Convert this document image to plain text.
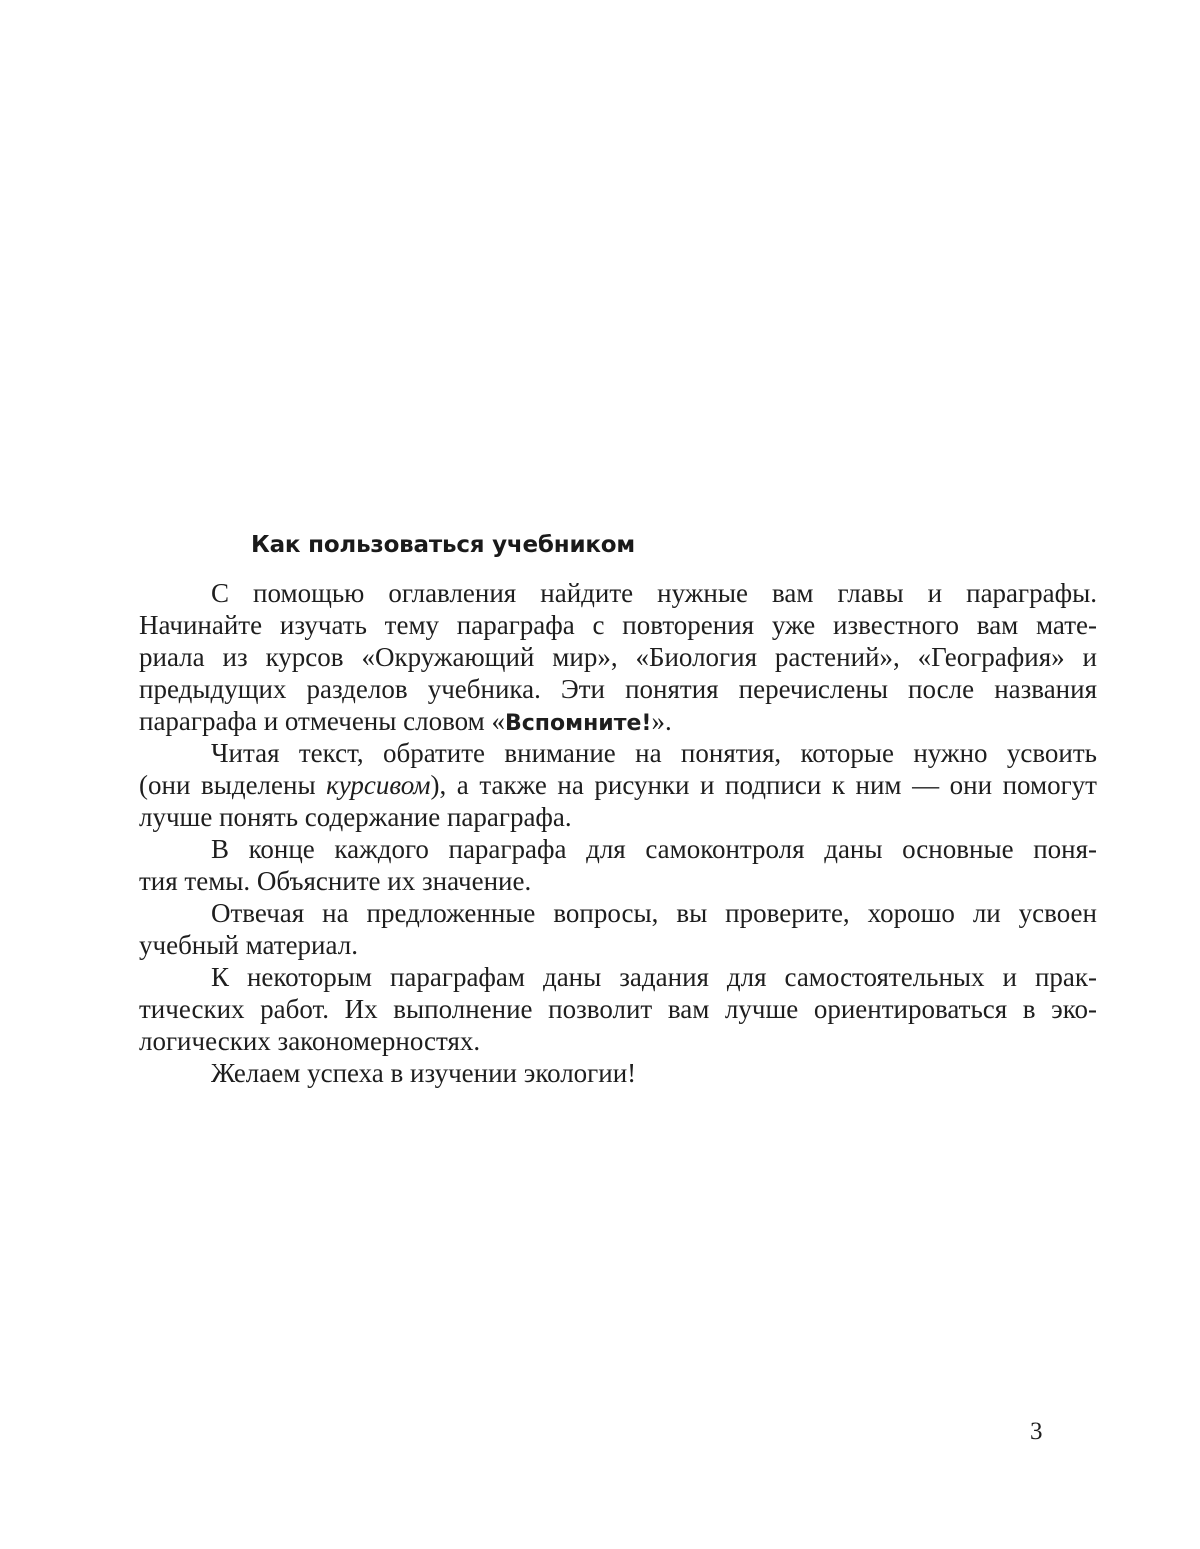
Как пользоваться учебником
С помощью оглавления найдите нужные вам главы и параграфы.
Начинайте изучать тему параграфа с повторения уже известного вам мате-
риала из курсов «Окружающий мир», «Биология растений», «География» и
предыдущих разделов учебника. Эти понятия перечислены после названия
параграфа и отмечены словом «Вспомните!».
Читая текст, обратите внимание на понятия, которые нужно усвоить
(они выделены курсивом), а также на рисунки и подписи к ним — они помогут
лучше понять содержание параграфа.
В конце каждого параграфа для самоконтроля даны основные поня-
тия темы. Объясните их значение.
Отвечая на предложенные вопросы, вы проверите, хорошо ли усвоен
учебный материал.
К некоторым параграфам даны задания для самостоятельных и прак-
тических работ. Их выполнение позволит вам лучше ориентироваться в эко-
логических закономерностях.
Желаем успеха в изучении экологии!
3
